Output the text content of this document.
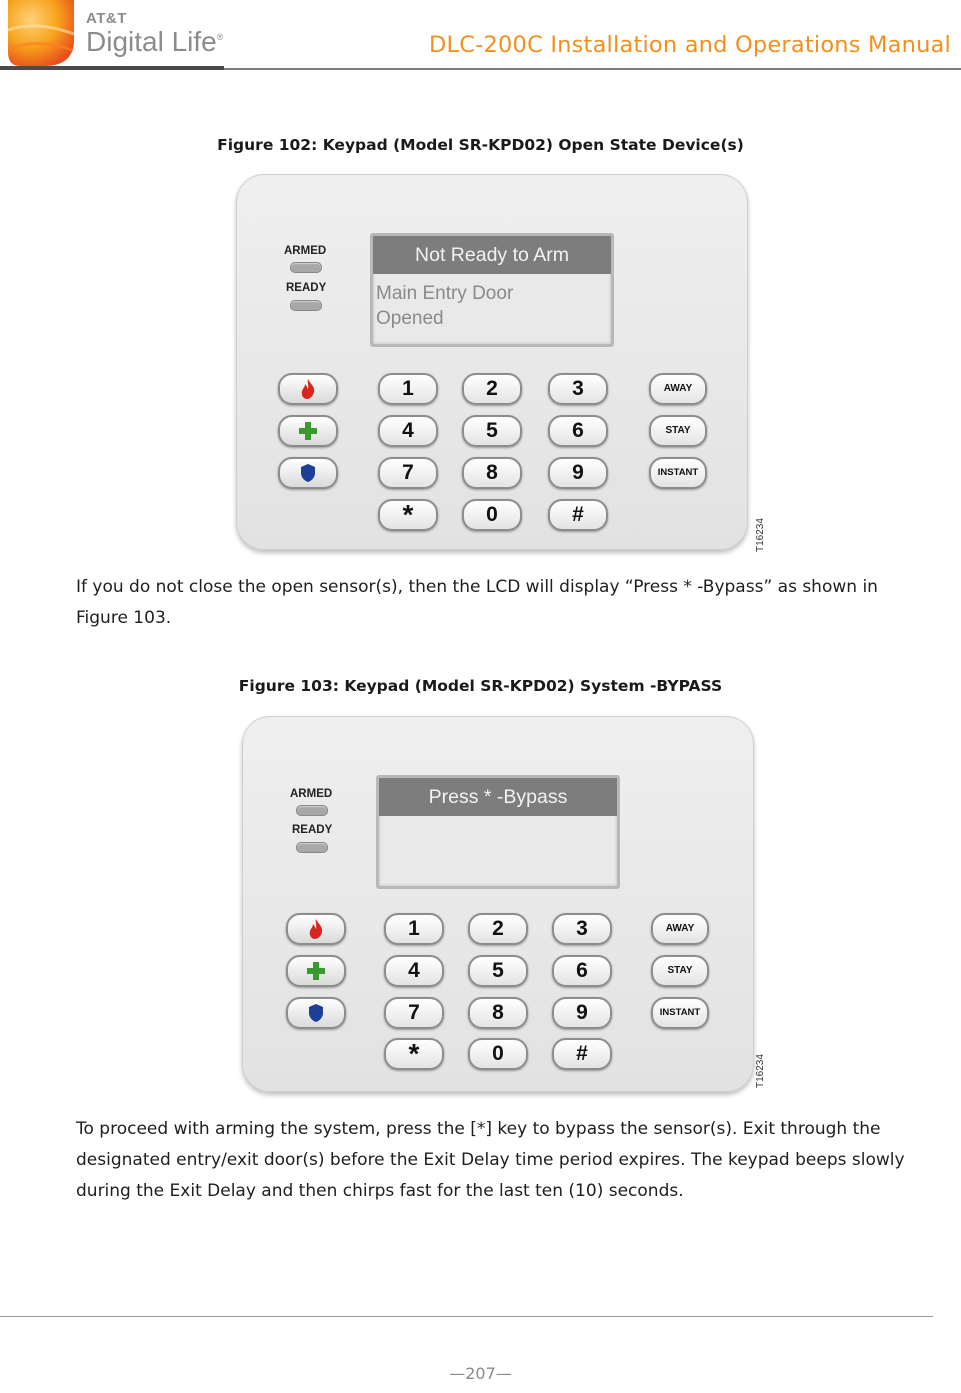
AT&T
Digital Life®	DLC-200C Installation and Operations Manual
Figure 102: Keypad (Model SR-KPD02) Open State Device(s)
ARMED
READY
Not Ready to Arm
Main Entry Door
Opened
1	2	3
4	5	6
7	8	9
*	0	#
AWAY
STAY
INSTANT
T16234

If you do not close the open sensor(s), then the LCD will display “Press * -Bypass” as shown in Figure 103.

Figure 103: Keypad (Model SR-KPD02) System -BYPASS
ARMED
READY
Press * -Bypass
1	2	3
4	5	6
7	8	9
*	0	#
AWAY
STAY
INSTANT
T16234

To proceed with arming the system, press the [*] key to bypass the sensor(s). Exit through the designated entry/exit door(s) before the Exit Delay time period expires. The keypad beeps slowly during the Exit Delay and then chirps fast for the last ten (10) seconds.

—207—
